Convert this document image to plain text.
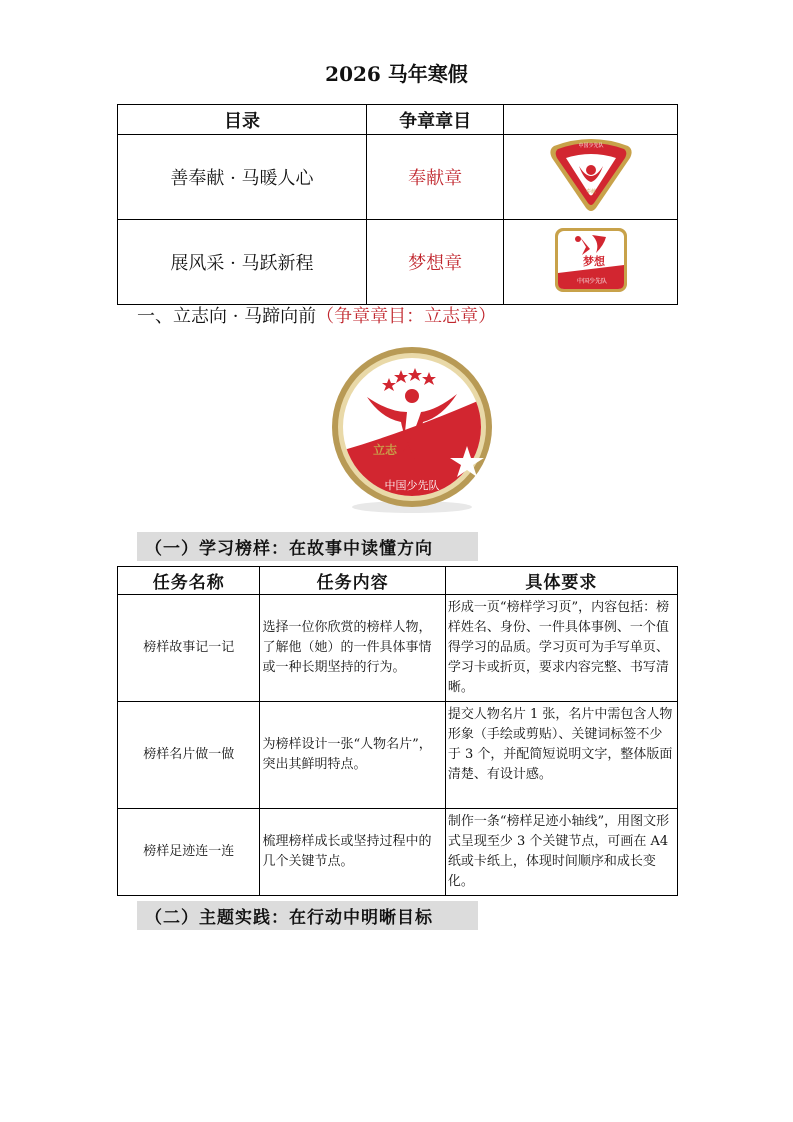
2026 马年寒假
目录	争章章目	
善奉献 · 马暖人心	奉献章	中国少先队
奉献

展风采 · 马跃新程	梦想章	梦想
中国少先队
一、立志向 · 马蹄向前（争章章目：立志章）
立志
中国少先队
（一）学习榜样：在故事中读懂方向
任务名称	任务内容	具体要求
榜样故事记一记	选择一位你欣赏的榜样人物，了解他（她）的一件具体事情或一种长期坚持的行为。	形成一页“榜样学习页”，内容包括：榜样姓名、身份、一件具体事例、一个值得学习的品质。学习页可为手写单页、学习卡或折页，要求内容完整、书写清晰。
榜样名片做一做	为榜样设计一张“人物名片”，突出其鲜明特点。	提交人物名片 1 张，名片中需包含人物形象（手绘或剪贴）、关键词标签不少于 3 个，并配简短说明文字，整体版面清楚、有设计感。
榜样足迹连一连	梳理榜样成长或坚持过程中的几个关键节点。	制作一条“榜样足迹小轴线”，用图文形式呈现至少 3 个关键节点，可画在 A4 纸或卡纸上，体现时间顺序和成长变化。
（二）主题实践：在行动中明晰目标
